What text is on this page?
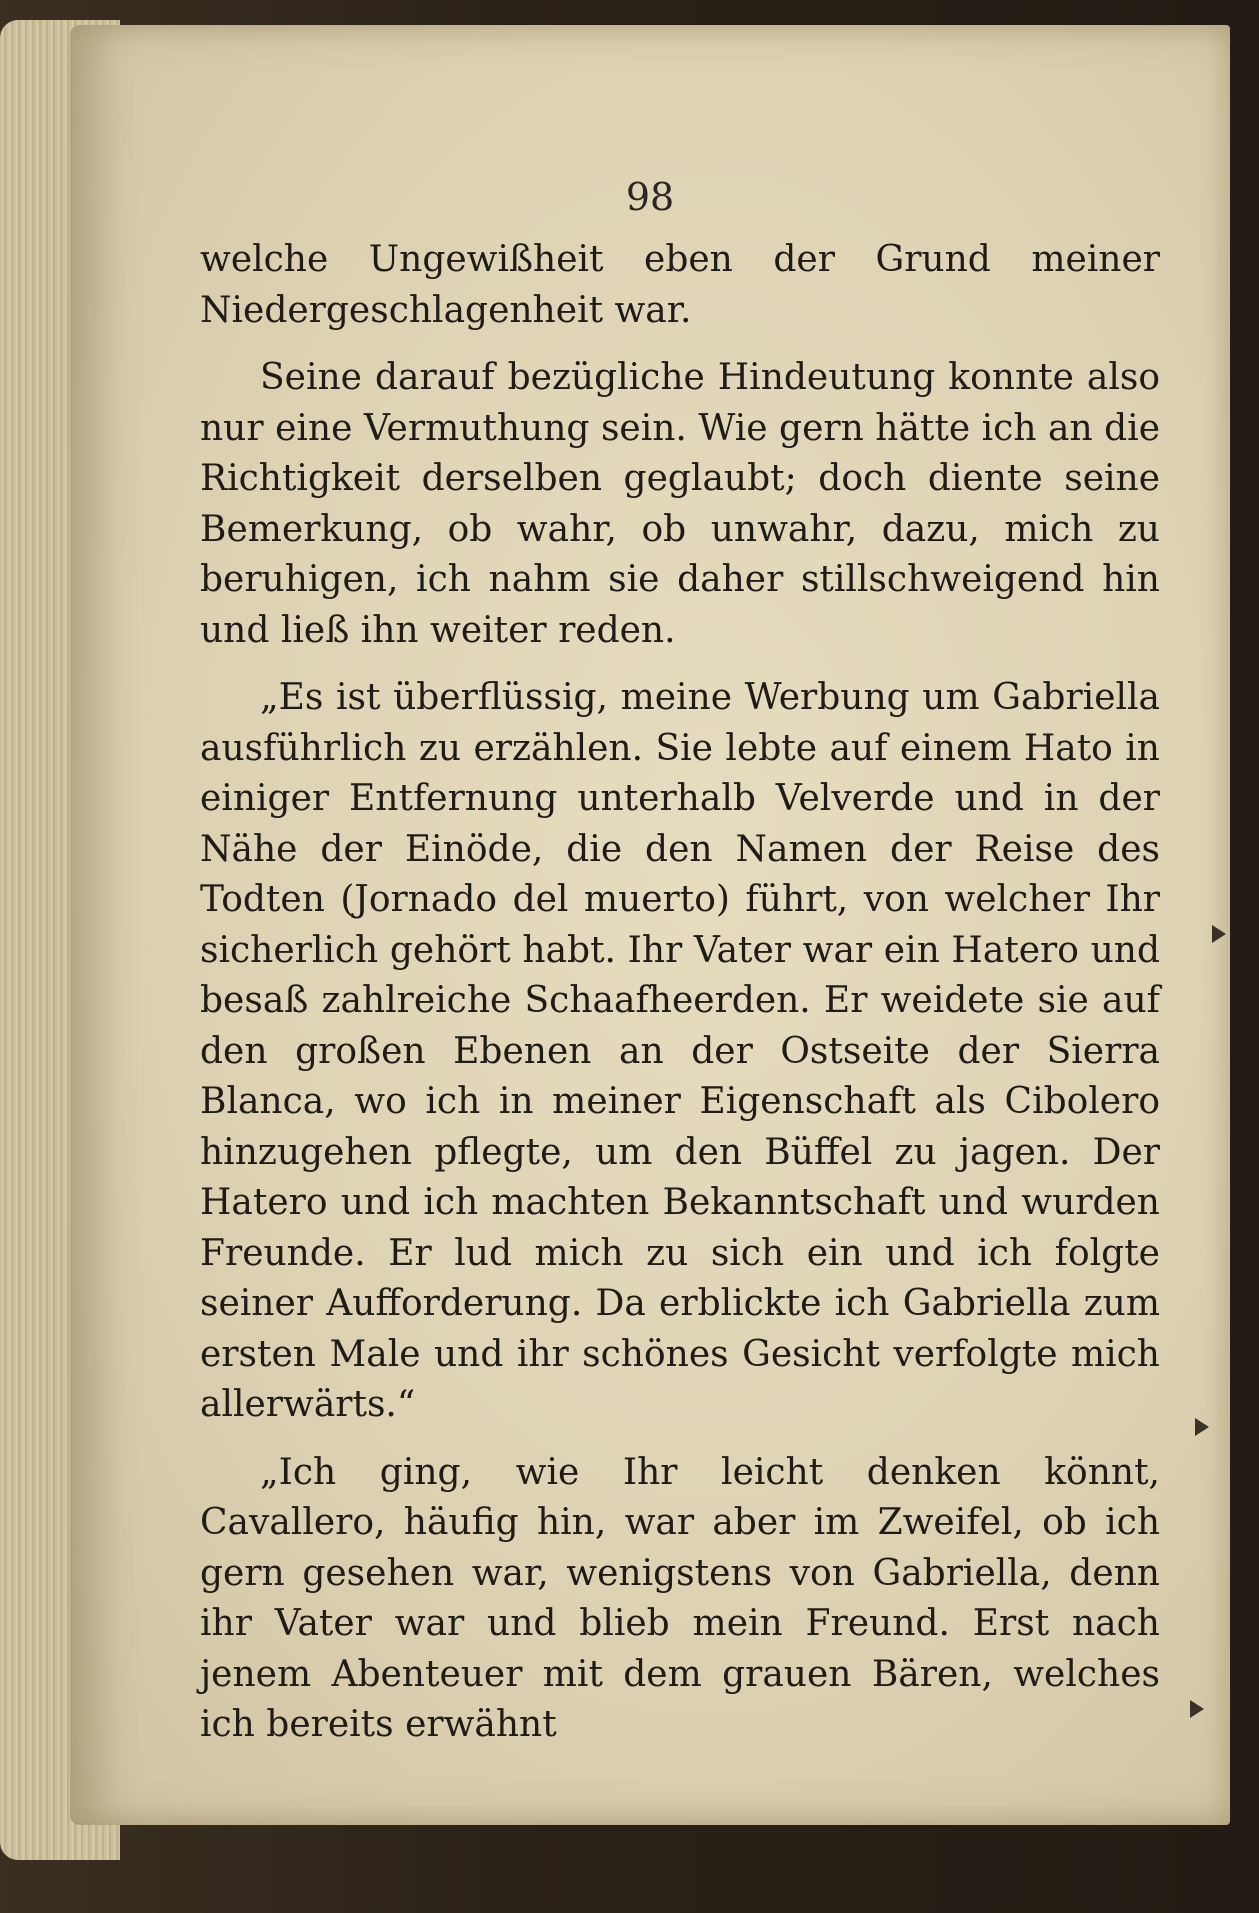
98

welche Ungewißheit eben der Grund meiner Niedergeschlagenheit war.

Seine darauf bezügliche Hindeutung konnte also nur eine Vermuthung sein. Wie gern hätte ich an die Richtigkeit derselben geglaubt; doch diente seine Bemerkung, ob wahr, ob unwahr, dazu, mich zu beruhigen, ich nahm sie daher stillschweigend hin und ließ ihn weiter reden.

„Es ist überflüssig, meine Werbung um Gabriella ausführlich zu erzählen. Sie lebte auf einem Hato in einiger Entfernung unterhalb Velverde und in der Nähe der Einöde, die den Namen der Reise des Todten (Jornado del muerto) führt, von welcher Ihr sicherlich gehört habt. Ihr Vater war ein Hatero und besaß zahlreiche Schaafheerden. Er weidete sie auf den großen Ebenen an der Ostseite der Sierra Blanca, wo ich in meiner Eigenschaft als Cibolero hinzugehen pflegte, um den Büffel zu jagen. Der Hatero und ich machten Bekanntschaft und wurden Freunde. Er lud mich zu sich ein und ich folgte seiner Aufforderung. Da erblickte ich Gabriella zum ersten Male und ihr schönes Gesicht verfolgte mich allerwärts.“

„Ich ging, wie Ihr leicht denken könnt, Cavallero, häufig hin, war aber im Zweifel, ob ich gern gesehen war, wenigstens von Gabriella, denn ihr Vater war und blieb mein Freund. Erst nach jenem Abenteuer mit dem grauen Bären, welches ich bereits erwähnt
